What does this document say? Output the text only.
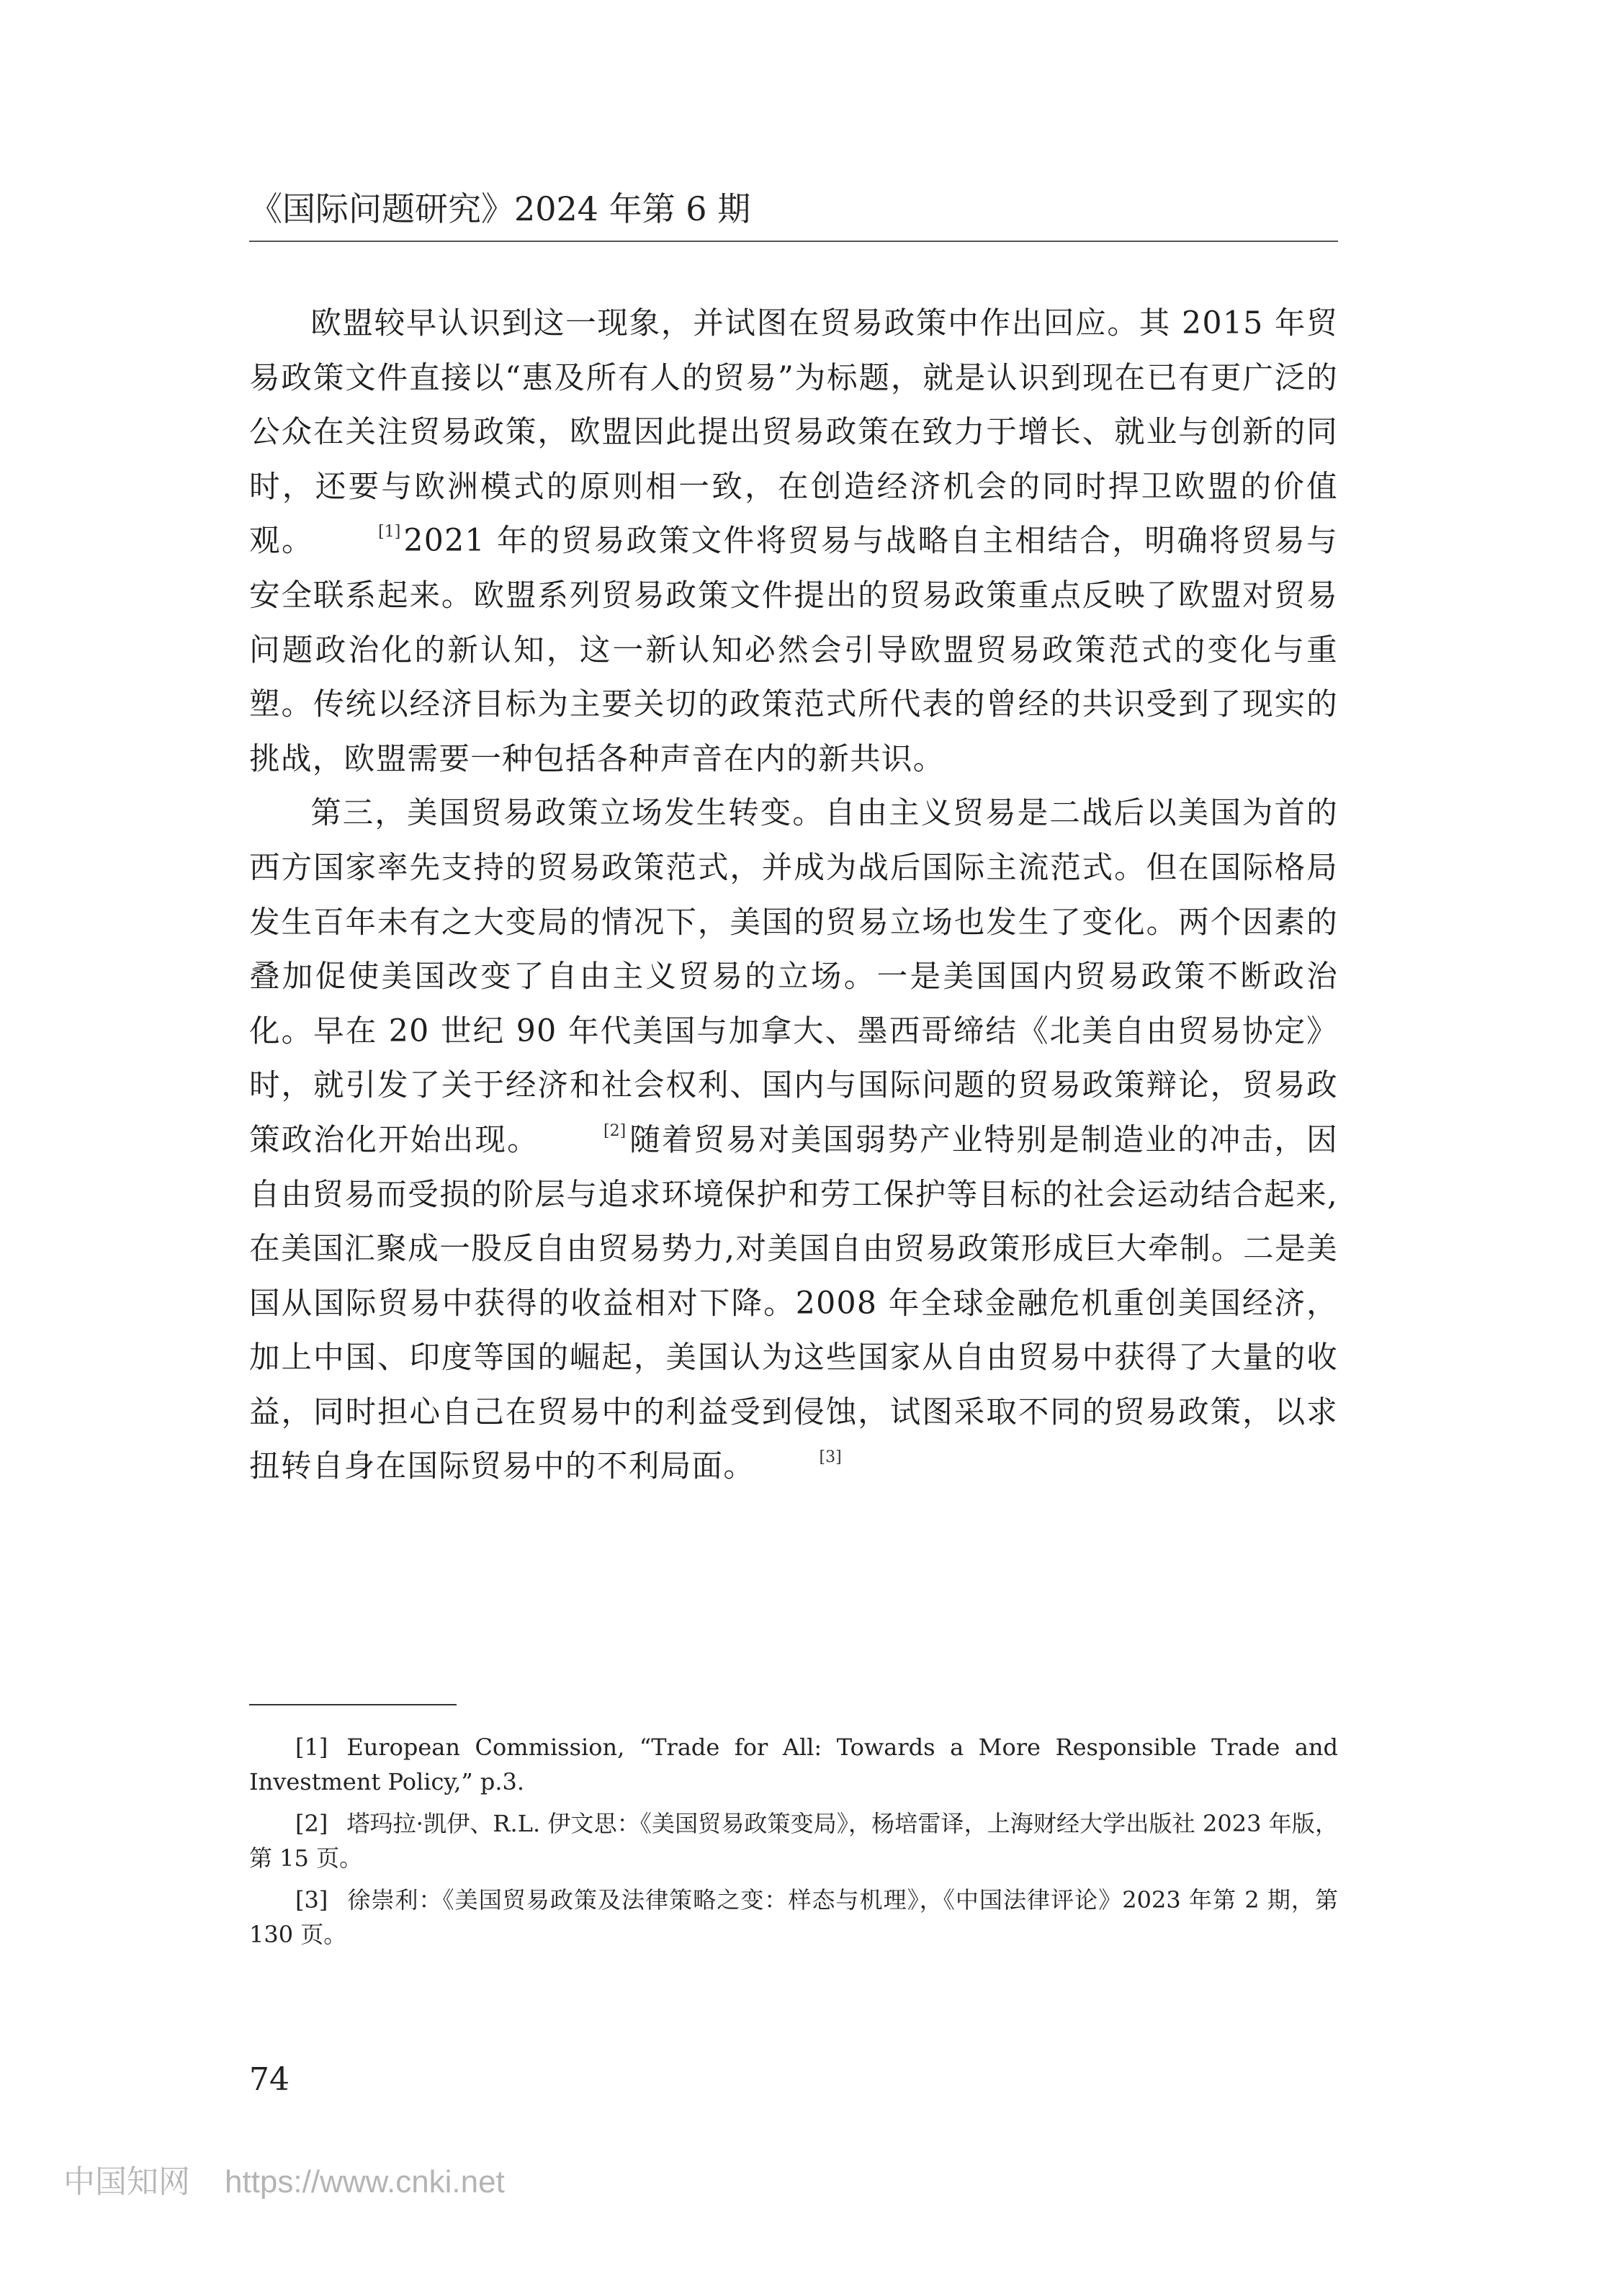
《国际问题研究》2024 年第 6 期

欧盟较早认识到这一现象，并试图在贸易政策中作出回应。其 2015 年贸易政策文件直接以“惠及所有人的贸易”为标题，就是认识到现在已有更广泛的公众在关注贸易政策，欧盟因此提出贸易政策在致力于增长、就业与创新的同时，还要与欧洲模式的原则相一致，在创造经济机会的同时捍卫欧盟的价值观。	[1]2021 年的贸易政策文件将贸易与战略自主相结合，明确将贸易与安全联系起来。欧盟系列贸易政策文件提出的贸易政策重点反映了欧盟对贸易问题政治化的新认知，这一新认知必然会引导欧盟贸易政策范式的变化与重塑。传统以经济目标为主要关切的政策范式所代表的曾经的共识受到了现实的挑战，欧盟需要一种包括各种声音在内的新共识。

第三，美国贸易政策立场发生转变。自由主义贸易是二战后以美国为首的西方国家率先支持的贸易政策范式，并成为战后国际主流范式。但在国际格局发生百年未有之大变局的情况下，美国的贸易立场也发生了变化。两个因素的叠加促使美国改变了自由主义贸易的立场。一是美国国内贸易政策不断政治化。早在 20 世纪 90 年代美国与加拿大、墨西哥缔结《北美自由贸易协定》时，就引发了关于经济和社会权利、国内与国际问题的贸易政策辩论，贸易政策政治化开始出现。	[2]随着贸易对美国弱势产业特别是制造业的冲击，因自由贸易而受损的阶层与追求环境保护和劳工保护等目标的社会运动结合起来,在美国汇聚成一股反自由贸易势力,对美国自由贸易政策形成巨大牵制。二是美国从国际贸易中获得的收益相对下降。2008 年全球金融危机重创美国经济，加上中国、印度等国的崛起，美国认为这些国家从自由贸易中获得了大量的收益，同时担心自己在贸易中的利益受到侵蚀，试图采取不同的贸易政策，以求扭转自身在国际贸易中的不利局面。	[3]

[1] European Commission, “Trade for All: Towards a More Responsible Trade and Investment Policy,” p.3.

[2] 塔玛拉·凯伊、R.L. 伊文思：《美国贸易政策变局》，杨培雷译，上海财经大学出版社 2023 年版，第 15 页。

[3] 徐崇利：《美国贸易政策及法律策略之变：样态与机理》，《中国法律评论》2023 年第 2 期，第 130 页。

74
中国知网 https://www.cnki.net
